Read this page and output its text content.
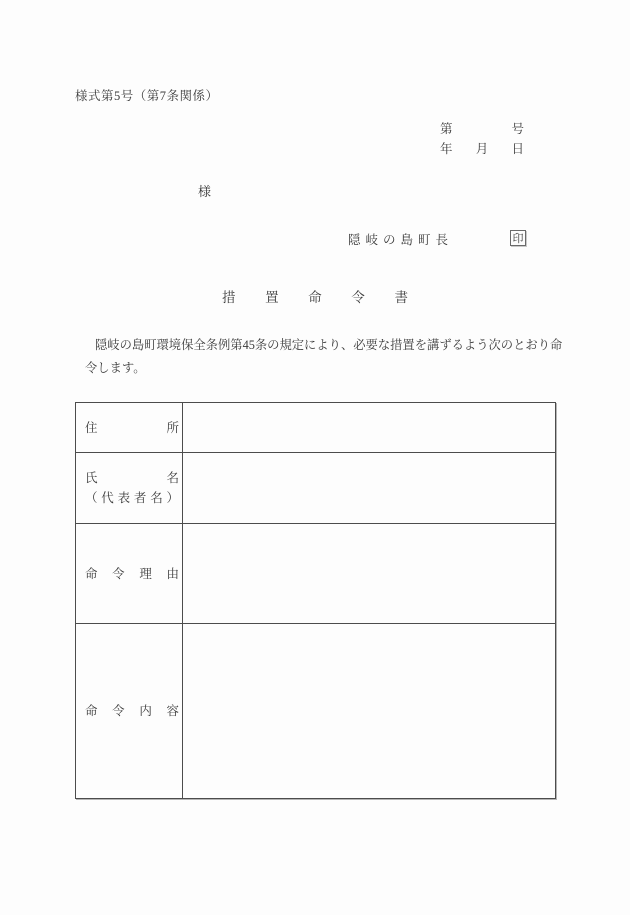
様式第5号（第7条関係）
第	号
年 月 日
様
隠岐の島町長	印
措置命令書
隠岐の島町環境保全条例第45条の規定により、必要な措置を講ずるよう次のとおり命
令します。
住所	

氏名
（代表者名）	

命令理由	

命令内容	
